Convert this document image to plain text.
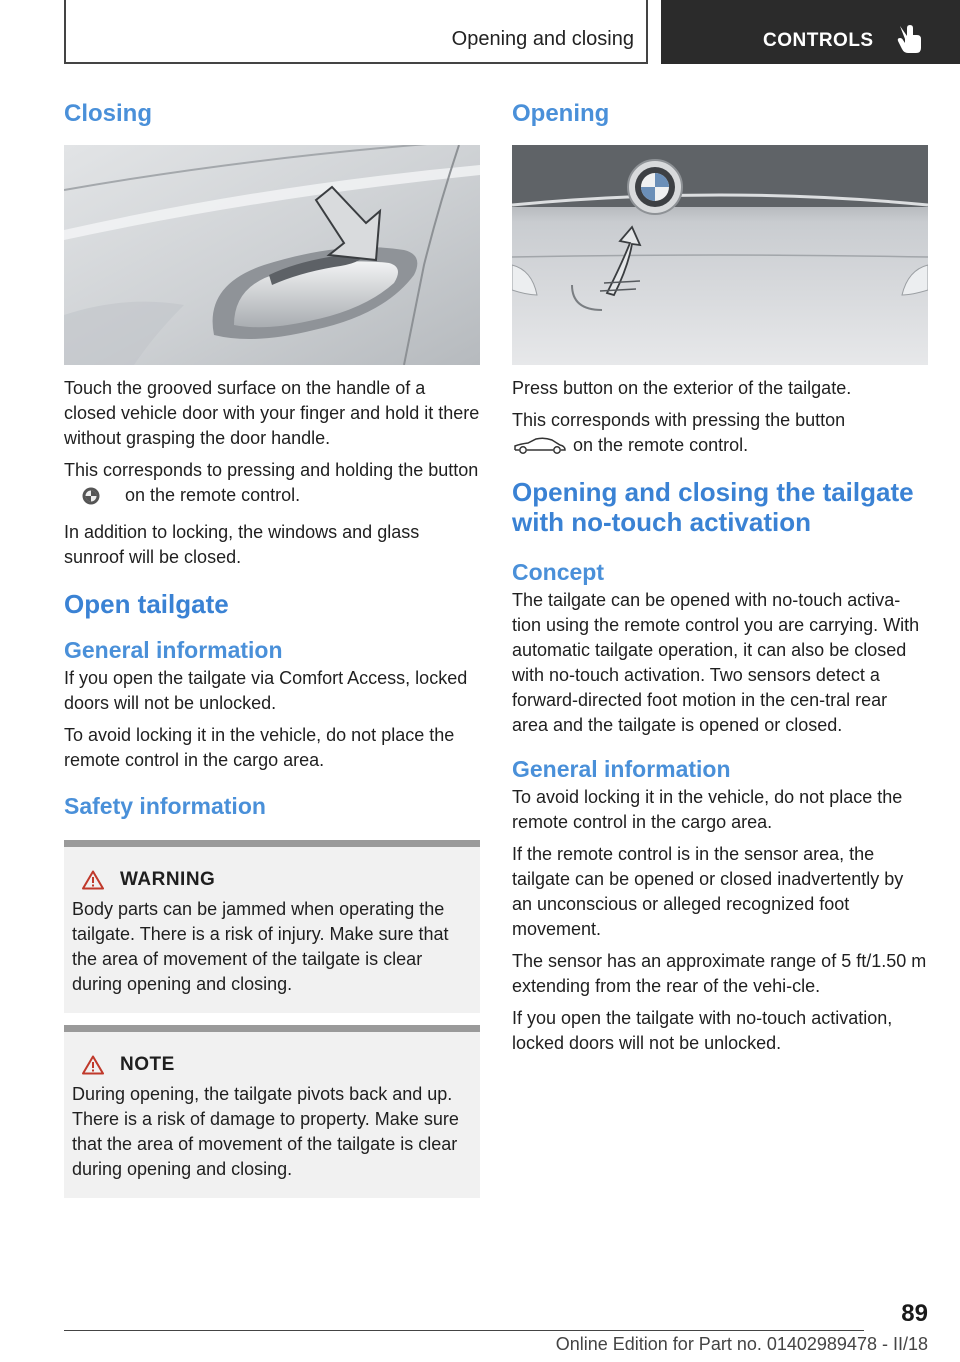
Opening and closing	CONTROLS
Closing

Touch the grooved surface on the handle of a closed vehicle door with your finger and hold it there without grasping the door handle.

This corresponds to pressing and holding the button  on the remote control.

In addition to locking, the windows and glass sunroof will be closed.

Open tailgate
General information

If you open the tailgate via Comfort Access, locked doors will not be unlocked.

To avoid locking it in the vehicle, do not place the remote control in the cargo area.

Safety information
WARNING

Body parts can be jammed when operating the tailgate. There is a risk of injury. Make sure that the area of movement of the tailgate is clear during opening and closing.

NOTE

During opening, the tailgate pivots back and up. There is a risk of damage to property. Make sure that the area of movement of the tailgate is clear during opening and closing.

Opening

Press button on the exterior of the tailgate.

This corresponds with pressing the button
on the remote control.

Opening and closing the tailgate with no-touch activation
Concept

The tailgate can be opened with no-touch activa‐tion using the remote control you are carrying. With automatic tailgate operation, it can also be closed with no-touch activation. Two sensors detect a forward-directed foot motion in the cen‐tral rear area and the tailgate is opened or closed.

General information

To avoid locking it in the vehicle, do not place the remote control in the cargo area.

If the remote control is in the sensor area, the tailgate can be opened or closed inadvertently by an unconscious or alleged recognized foot movement.

The sensor has an approximate range of 5 ft/1.50 m extending from the rear of the vehi‐cle.

If you open the tailgate with no-touch activation, locked doors will not be unlocked.

89
Online Edition for Part no. 01402989478 - II/18
